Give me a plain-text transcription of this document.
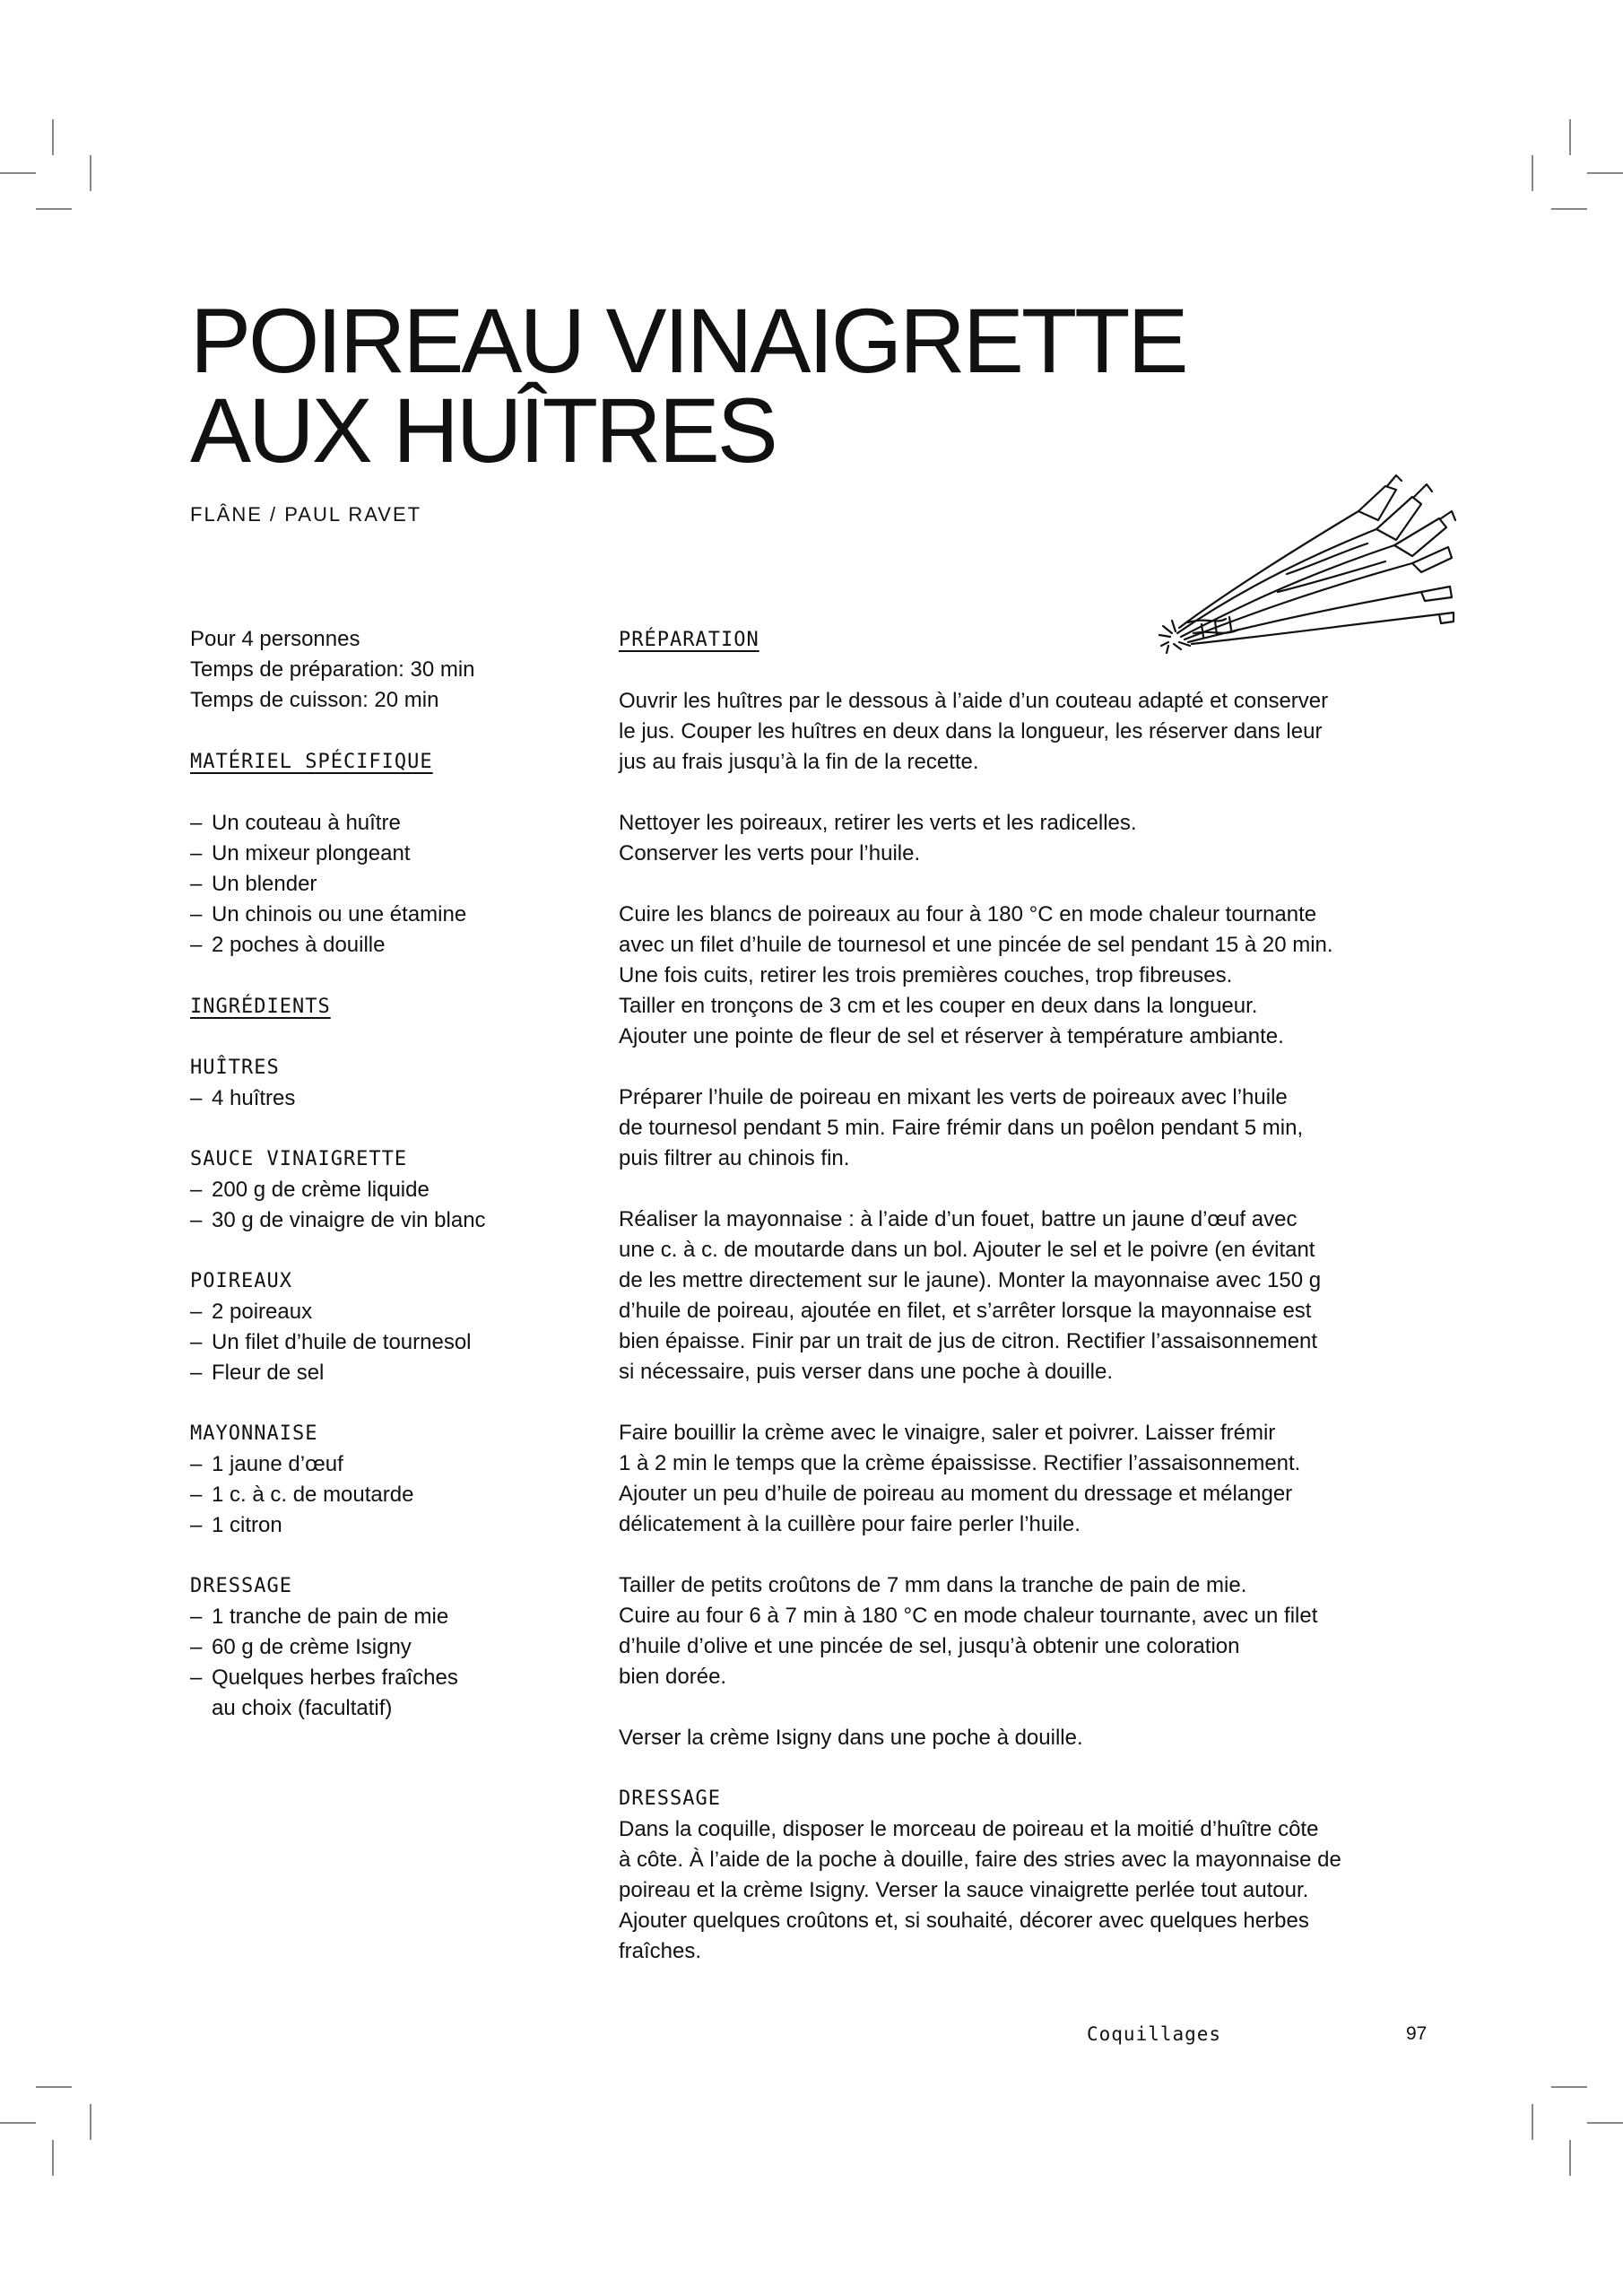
POIREAU VINAIGRETTE
AUX HUÎTRES
FLÂNE / PAUL RAVET
Pour 4 personnes
Temps de préparation: 30 min
Temps de cuisson: 20 min
MATÉRIEL SPÉCIFIQUE
– Un couteau à huître
– Un mixeur plongeant
– Un blender
– Un chinois ou une étamine
– 2 poches à douille
INGRÉDIENTS
HUÎTRES
– 4 huîtres
SAUCE VINAIGRETTE
– 200 g de crème liquide
– 30 g de vinaigre de vin blanc
POIREAUX
– 2 poireaux
– Un filet d’huile de tournesol
– Fleur de sel
MAYONNAISE
– 1 jaune d’œuf
– 1 c. à c. de moutarde
– 1 citron
DRESSAGE
– 1 tranche de pain de mie
– 60 g de crème Isigny
– Quelques herbes fraîches
au choix (facultatif)
PRÉPARATION
Ouvrir les huîtres par le dessous à l’aide d’un couteau adapté et conserver
le jus. Couper les huîtres en deux dans la longueur, les réserver dans leur
jus au frais jusqu’à la fin de la recette.
Nettoyer les poireaux, retirer les verts et les radicelles.
Conserver les verts pour l’huile.
Cuire les blancs de poireaux au four à 180 °C en mode chaleur tournante
avec un filet d’huile de tournesol et une pincée de sel pendant 15 à 20 min.
Une fois cuits, retirer les trois premières couches, trop fibreuses.
Tailler en tronçons de 3 cm et les couper en deux dans la longueur.
Ajouter une pointe de fleur de sel et réserver à température ambiante.
Préparer l’huile de poireau en mixant les verts de poireaux avec l’huile
de tournesol pendant 5 min. Faire frémir dans un poêlon pendant 5 min,
puis filtrer au chinois fin.
Réaliser la mayonnaise : à l’aide d’un fouet, battre un jaune d’œuf avec
une c. à c. de moutarde dans un bol. Ajouter le sel et le poivre (en évitant
de les mettre directement sur le jaune). Monter la mayonnaise avec 150 g
d’huile de poireau, ajoutée en filet, et s’arrêter lorsque la mayonnaise est
bien épaisse. Finir par un trait de jus de citron. Rectifier l’assaisonnement
si nécessaire, puis verser dans une poche à douille.
Faire bouillir la crème avec le vinaigre, saler et poivrer. Laisser frémir
1 à 2 min le temps que la crème épaississe. Rectifier l’assaisonnement.
Ajouter un peu d’huile de poireau au moment du dressage et mélanger
délicatement à la cuillère pour faire perler l’huile.
Tailler de petits croûtons de 7 mm dans la tranche de pain de mie.
Cuire au four 6 à 7 min à 180 °C en mode chaleur tournante, avec un filet
d’huile d’olive et une pincée de sel, jusqu’à obtenir une coloration
bien dorée.
Verser la crème Isigny dans une poche à douille.
DRESSAGE
Dans la coquille, disposer le morceau de poireau et la moitié d’huître côte
à côte. À l’aide de la poche à douille, faire des stries avec la mayonnaise de
poireau et la crème Isigny. Verser la sauce vinaigrette perlée tout autour.
Ajouter quelques croûtons et, si souhaité, décorer avec quelques herbes
fraîches.
Coquillages	97
